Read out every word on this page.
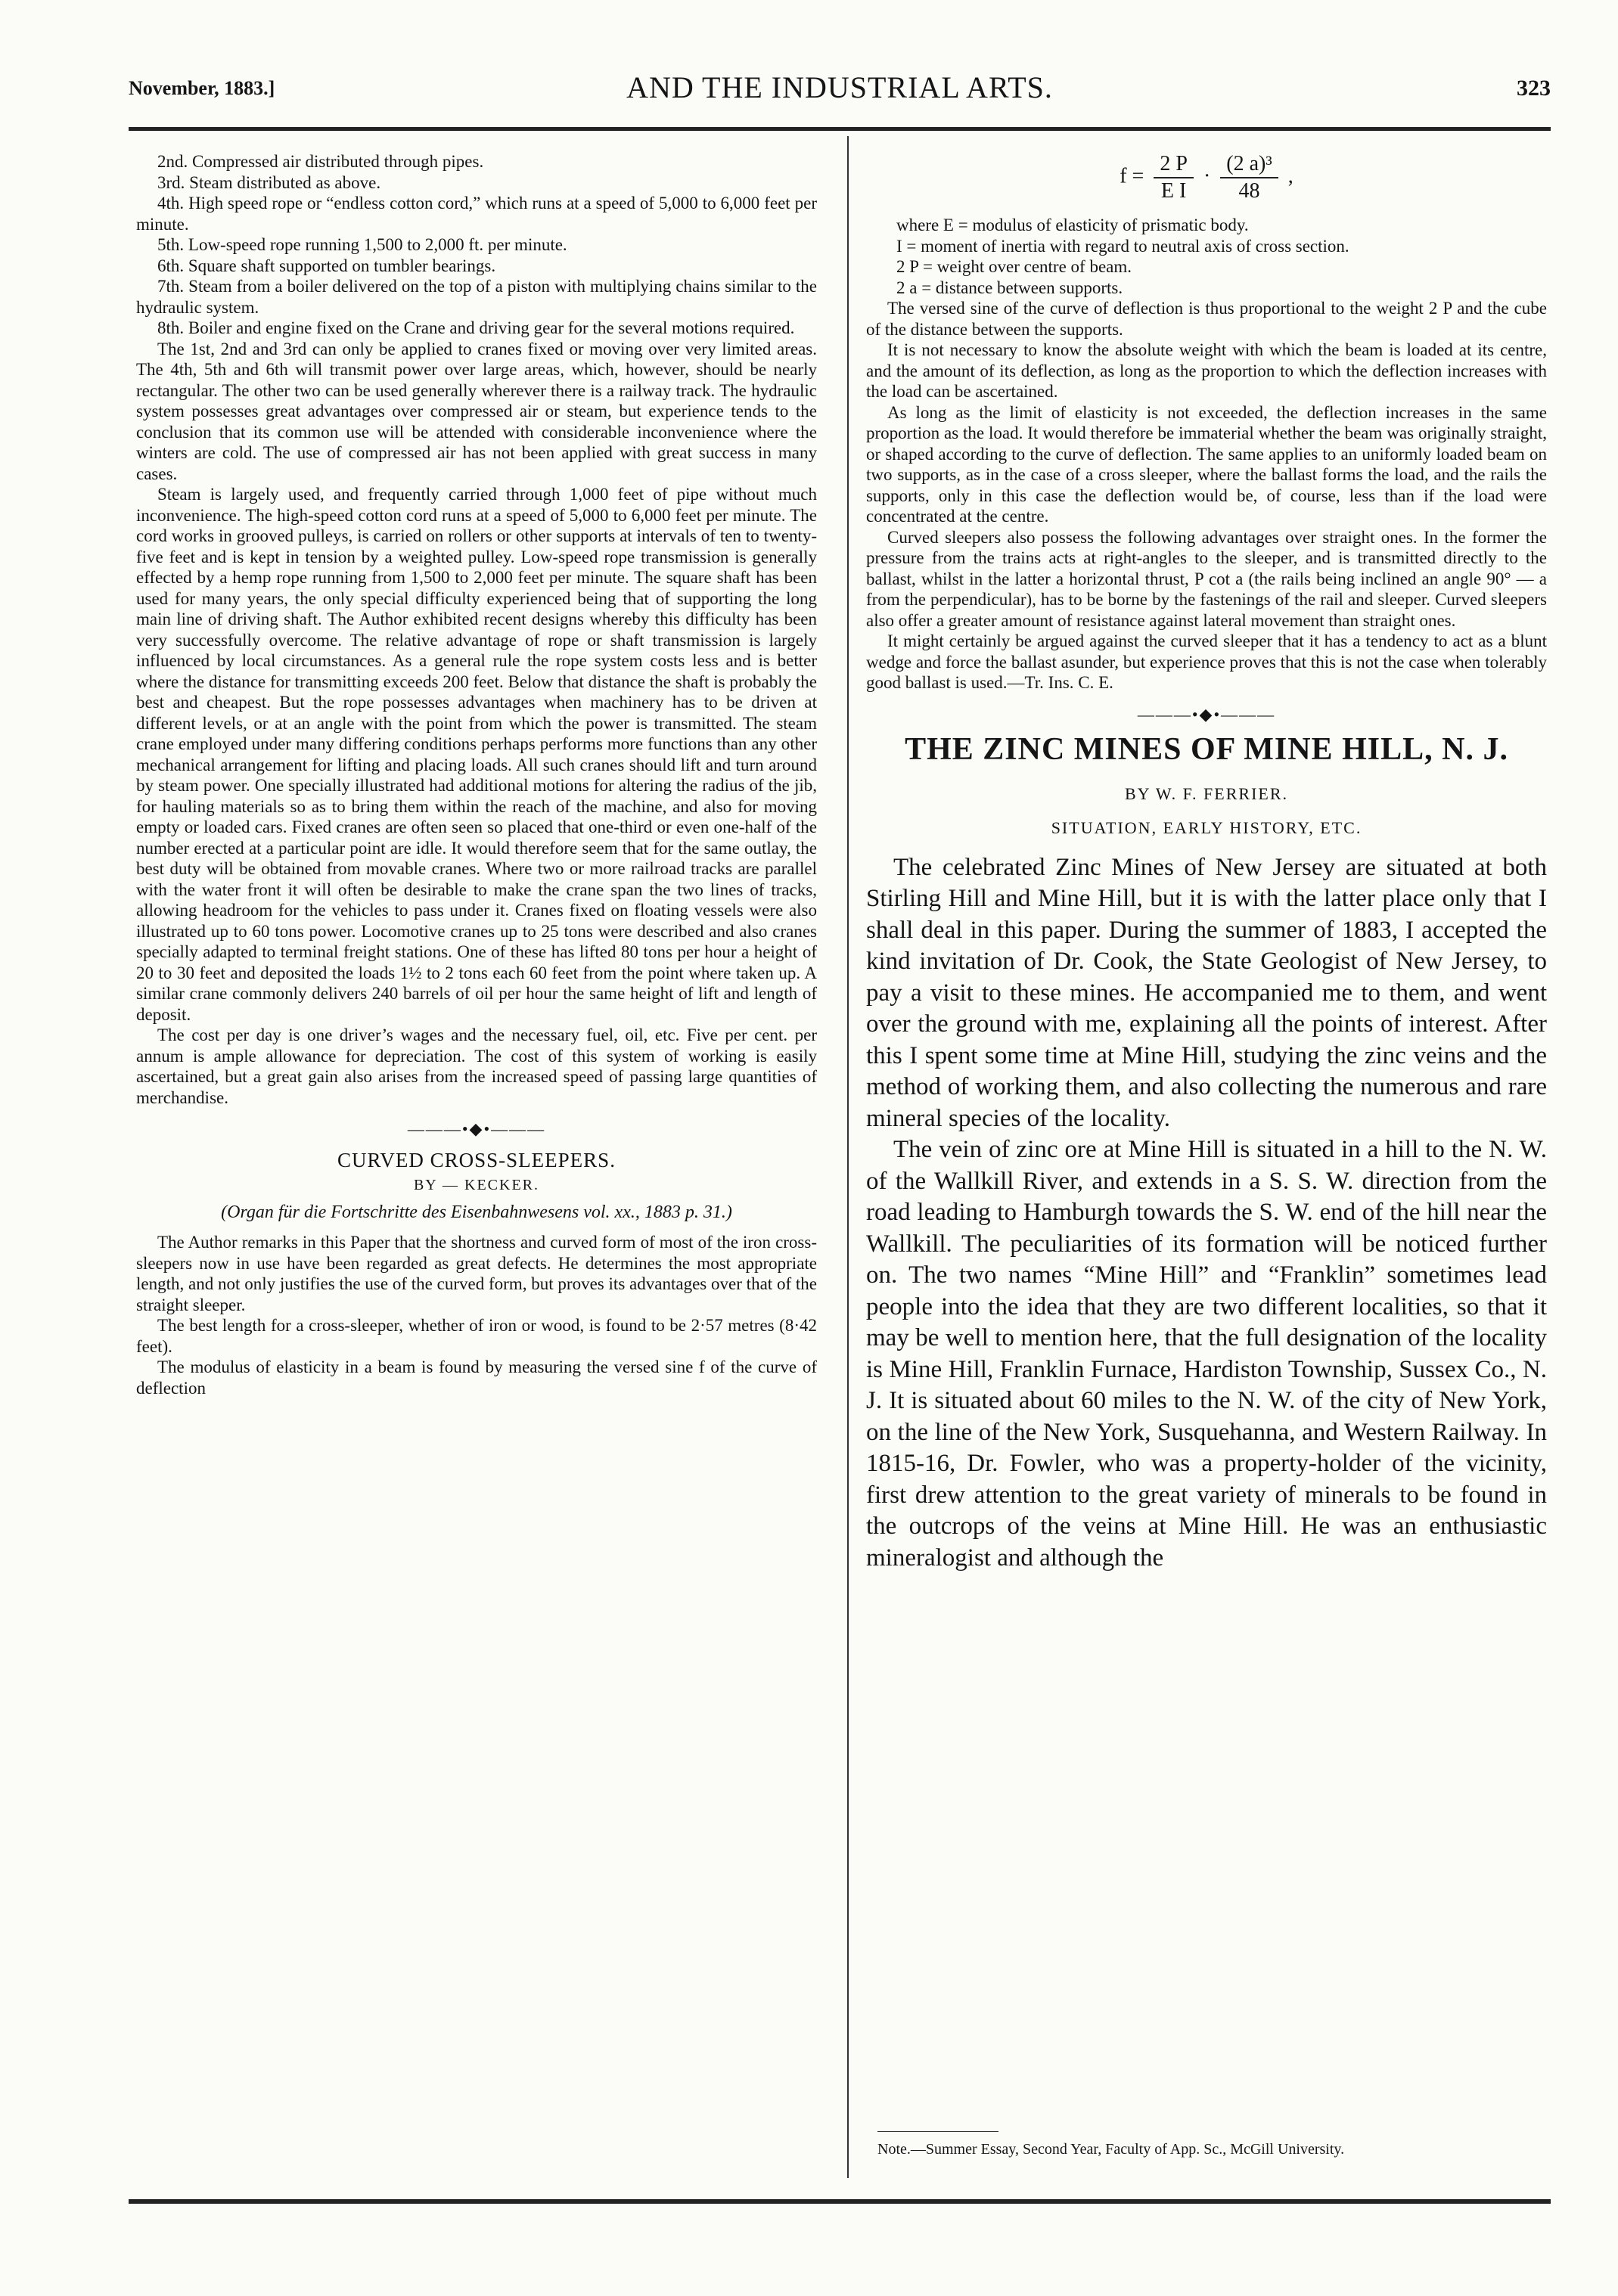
November, 1883.]	AND THE INDUSTRIAL ARTS.	323

2nd. Compressed air distributed through pipes.

3rd. Steam distributed as above.

4th. High speed rope or “endless cotton cord,” which runs at a speed of 5,000 to 6,000 feet per minute.

5th. Low-speed rope running 1,500 to 2,000 ft. per minute.

6th. Square shaft supported on tumbler bearings.

7th. Steam from a boiler delivered on the top of a piston with multiplying chains similar to the hydraulic system.

8th. Boiler and engine fixed on the Crane and driving gear for the several motions required.

The 1st, 2nd and 3rd can only be applied to cranes fixed or moving over very limited areas. The 4th, 5th and 6th will transmit power over large areas, which, however, should be nearly rectangular. The other two can be used generally wherever there is a railway track. The hydraulic system possesses great advantages over compressed air or steam, but experience tends to the conclusion that its common use will be attended with considerable inconvenience where the winters are cold. The use of compressed air has not been applied with great success in many cases.

Steam is largely used, and frequently carried through 1,000 feet of pipe without much inconvenience. The high-speed cotton cord runs at a speed of 5,000 to 6,000 feet per minute. The cord works in grooved pulleys, is carried on rollers or other supports at intervals of ten to twenty-five feet and is kept in tension by a weighted pulley. Low-speed rope transmission is generally effected by a hemp rope running from 1,500 to 2,000 feet per minute. The square shaft has been used for many years, the only special difficulty experienced being that of supporting the long main line of driving shaft. The Author exhibited recent designs whereby this difficulty has been very successfully overcome. The relative advantage of rope or shaft transmission is largely influenced by local circumstances. As a general rule the rope system costs less and is better where the distance for transmitting exceeds 200 feet. Below that distance the shaft is probably the best and cheapest. But the rope possesses advantages when machinery has to be driven at different levels, or at an angle with the point from which the power is transmitted. The steam crane employed under many differing conditions perhaps performs more functions than any other mechanical arrangement for lifting and placing loads. All such cranes should lift and turn around by steam power. One specially illustrated had additional motions for altering the radius of the jib, for hauling materials so as to bring them within the reach of the machine, and also for moving empty or loaded cars. Fixed cranes are often seen so placed that one-third or even one-half of the number erected at a particular point are idle. It would therefore seem that for the same outlay, the best duty will be obtained from movable cranes. Where two or more railroad tracks are parallel with the water front it will often be desirable to make the crane span the two lines of tracks, allowing headroom for the vehicles to pass under it. Cranes fixed on floating vessels were also illustrated up to 60 tons power. Locomotive cranes up to 25 tons were described and also cranes specially adapted to terminal freight stations. One of these has lifted 80 tons per hour a height of 20 to 30 feet and deposited the loads 1½ to 2 tons each 60 feet from the point where taken up. A similar crane commonly delivers 240 barrels of oil per hour the same height of lift and length of deposit.

The cost per day is one driver’s wages and the necessary fuel, oil, etc. Five per cent. per annum is ample allowance for depreciation. The cost of this system of working is easily ascertained, but a great gain also arises from the increased speed of passing large quantities of merchandise.

———•◆•———
CURVED CROSS-SLEEPERS.
BY — KECKER.
(Organ für die Fortschritte des Eisenbahnwesens vol. xx., 1883 p. 31.)

The Author remarks in this Paper that the shortness and curved form of most of the iron cross-sleepers now in use have been regarded as great defects. He determines the most appropriate length, and not only justifies the use of the curved form, but proves its advantages over that of the straight sleeper.

The best length for a cross-sleeper, whether of iron or wood, is found to be 2·57 metres (8·42 feet).

The modulus of elasticity in a beam is found by measuring the versed sine f of the curve of deflection

$f = \frac{2 P}{\text{E I}} \cdot \frac{\text{(2 a)³}}{48}$ ,

where E = modulus of elasticity of prismatic body.

I = moment of inertia with regard to neutral axis of cross section.

2 P = weight over centre of beam.

2 a = distance between supports.

The versed sine of the curve of deflection is thus proportional to the weight 2 P and the cube of the distance between the supports.

It is not necessary to know the absolute weight with which the beam is loaded at its centre, and the amount of its deflection, as long as the proportion to which the deflection increases with the load can be ascertained.

As long as the limit of elasticity is not exceeded, the deflection increases in the same proportion as the load. It would therefore be immaterial whether the beam was originally straight, or shaped according to the curve of deflection. The same applies to an uniformly loaded beam on two supports, as in the case of a cross sleeper, where the ballast forms the load, and the rails the supports, only in this case the deflection would be, of course, less than if the load were concentrated at the centre.

Curved sleepers also possess the following advantages over straight ones. In the former the pressure from the trains acts at right-angles to the sleeper, and is transmitted directly to the ballast, whilst in the latter a horizontal thrust, P cot a (the rails being inclined an angle 90° — a from the perpendicular), has to be borne by the fastenings of the rail and sleeper. Curved sleepers also offer a greater amount of resistance against lateral movement than straight ones.

It might certainly be argued against the curved sleeper that it has a tendency to act as a blunt wedge and force the ballast asunder, but experience proves that this is not the case when tolerably good ballast is used.—Tr. Ins. C. E.

———•◆•———
THE ZINC MINES OF MINE HILL, N. J.
BY W. F. FERRIER.
SITUATION, EARLY HISTORY, ETC.

The celebrated Zinc Mines of New Jersey are situated at both Stirling Hill and Mine Hill, but it is with the latter place only that I shall deal in this paper. During the summer of 1883, I accepted the kind invitation of Dr. Cook, the State Geologist of New Jersey, to pay a visit to these mines. He accompanied me to them, and went over the ground with me, explaining all the points of interest. After this I spent some time at Mine Hill, studying the zinc veins and the method of working them, and also collecting the numerous and rare mineral species of the locality.

The vein of zinc ore at Mine Hill is situated in a hill to the N. W. of the Wallkill River, and extends in a S. S. W. direction from the road leading to Hamburgh towards the S. W. end of the hill near the Wallkill. The peculiarities of its formation will be noticed further on. The two names “Mine Hill” and “Franklin” sometimes lead people into the idea that they are two different localities, so that it may be well to mention here, that the full designation of the locality is Mine Hill, Franklin Furnace, Hardiston Township, Sussex Co., N. J. It is situated about 60 miles to the N. W. of the city of New York, on the line of the New York, Susquehanna, and Western Railway. In 1815-16, Dr. Fowler, who was a property-holder of the vicinity, first drew attention to the great variety of minerals to be found in the outcrops of the veins at Mine Hill. He was an enthusiastic mineralogist and although the

Note.—Summer Essay, Second Year, Faculty of App. Sc., McGill University.
